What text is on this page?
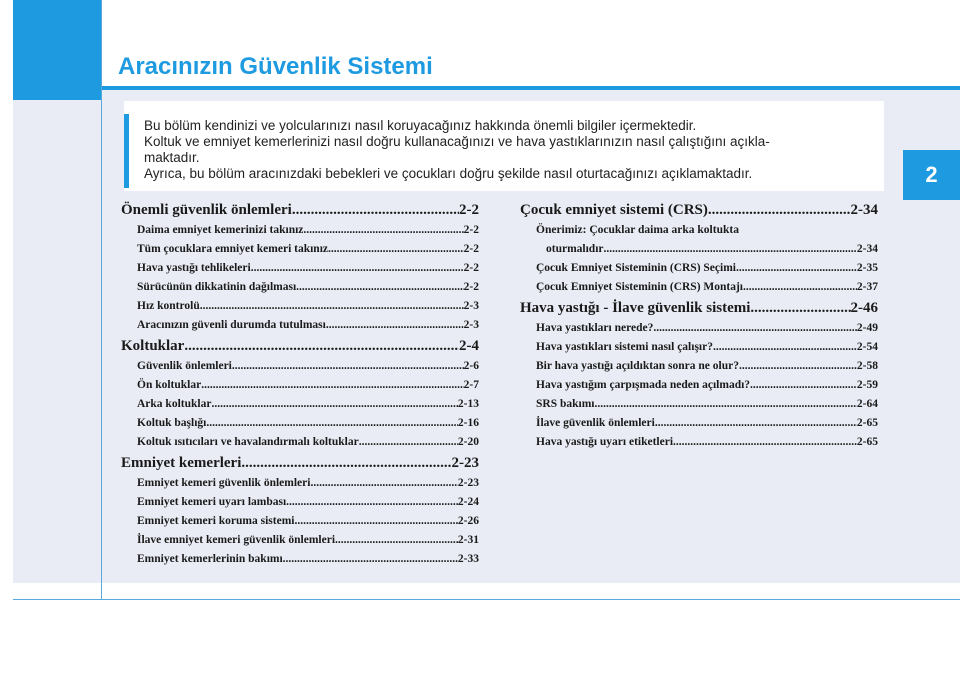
Aracınızın Güvenlik Sistemi

Bu bölüm kendinizi ve yolcularınızı nasıl koruyacağınız hakkında önemli bilgiler içermektedir.

Koltuk ve emniyet kemerlerinizi nasıl doğru kullanacağınızı ve hava yastıklarınızın nasıl çalıştığını açıkla-

maktadır.

Ayrıca, bu bölüm aracınızdaki bebekleri ve çocukları doğru şekilde nasıl oturtacağınızı açıklamaktadır.	2
Önemli güvenlik önlemleri .....	2-2
Daima emniyet kemerinizi takınız .....	2-2
Tüm çocuklara emniyet kemeri takınız .....	2-2
Hava yastığı tehlikeleri .....	2-2
Sürücünün dikkatinin dağılması .....	2-2
Hız kontrolü .....	2-3
Aracınızın güvenli durumda tutulması .....	2-3
Koltuklar .....	2-4
Güvenlik önlemleri .....	2-6
Ön koltuklar .....	2-7
Arka koltuklar .....	2-13
Koltuk başlığı .....	2-16
Koltuk ısıtıcıları ve havalandırmalı koltuklar .....	2-20
Emniyet kemerleri .....	2-23
Emniyet kemeri güvenlik önlemleri .....	2-23
Emniyet kemeri uyarı lambası .....	2-24
Emniyet kemeri koruma sistemi .....	2-26
İlave emniyet kemeri güvenlik önlemleri .....	2-31
Emniyet kemerlerinin bakımı .....	2-33
Çocuk emniyet sistemi (CRS) .....	2-34
Önerimiz: Çocuklar daima arka koltukta
oturmalıdır .....	2-34
Çocuk Emniyet Sisteminin (CRS) Seçimi .....	2-35
Çocuk Emniyet Sisteminin (CRS) Montajı .....	2-37
Hava yastığı - İlave güvenlik sistemi .....	2-46
Hava yastıkları nerede? .....	2-49
Hava yastıkları sistemi nasıl çalışır? .....	2-54
Bir hava yastığı açıldıktan sonra ne olur? .....	2-58
Hava yastığım çarpışmada neden açılmadı? .....	2-59
SRS bakımı .....	2-64
İlave güvenlik önlemleri .....	2-65
Hava yastığı uyarı etiketleri .....	2-65
